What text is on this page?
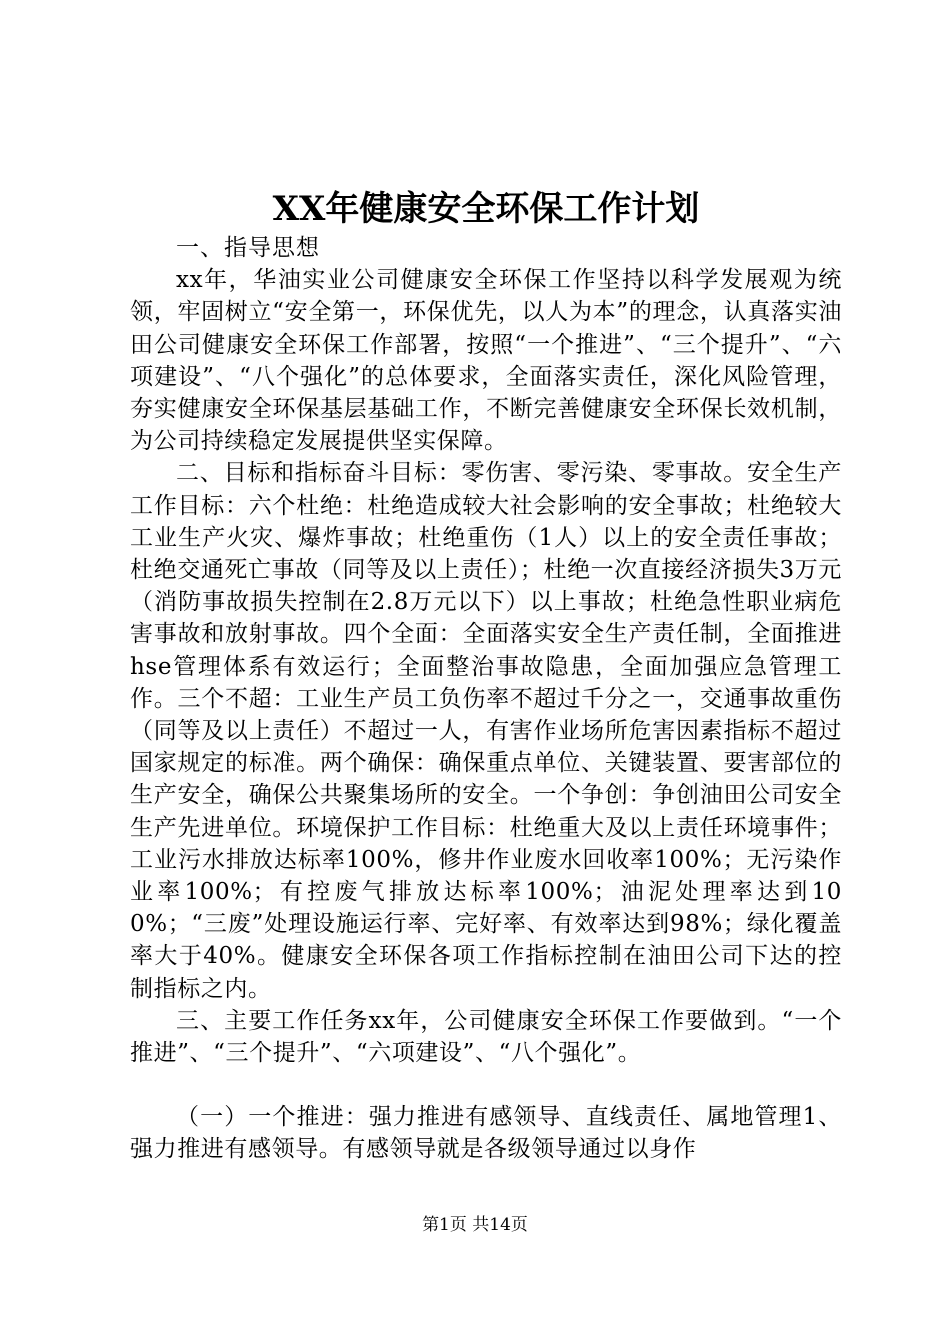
XX年健康安全环保工作计划

一、指导思想

xx年，华油实业公司健康安全环保工作坚持以科学发展观为统领，牢固树立“安全第一，环保优先，以人为本”的理念，认真落实油田公司健康安全环保工作部署，按照“一个推进”、“三个提升”、“六项建设”、“八个强化”的总体要求，全面落实责任，深化风险管理，夯实健康安全环保基层基础工作，不断完善健康安全环保长效机制，为公司持续稳定发展提供坚实保障。

二、目标和指标奋斗目标：零伤害、零污染、零事故。安全生产工作目标：六个杜绝：杜绝造成较大社会影响的安全事故；杜绝较大工业生产火灾、爆炸事故；杜绝重伤（1人）以上的安全责任事故；杜绝交通死亡事故（同等及以上责任）；杜绝一次直接经济损失3万元（消防事故损失控制在2.8万元以下）以上事故；杜绝急性职业病危害事故和放射事故。四个全面：全面落实安全生产责任制，全面推进hse管理体系有效运行；全面整治事故隐患，全面加强应急管理工作。三个不超：工业生产员工负伤率不超过千分之一，交通事故重伤（同等及以上责任）不超过一人，有害作业场所危害因素指标不超过国家规定的标准。两个确保：确保重点单位、关键装置、要害部位的生产安全，确保公共聚集场所的安全。一个争创：争创油田公司安全生产先进单位。环境保护工作目标：杜绝重大及以上责任环境事件；工业污水排放达标率100%，修井作业废水回收率100%；无污染作业率100%；有控废气排放达标率100%；油泥处理率达到100%；“三废”处理设施运行率、完好率、有效率达到98%；绿化覆盖率大于40%。健康安全环保各项工作指标控制在油田公司下达的控制指标之内。

三、主要工作任务xx年，公司健康安全环保工作要做到。“一个推进”、“三个提升”、“六项建设”、“八个强化”。

（一）一个推进：强力推进有感领导、直线责任、属地管理1、强力推进有感领导。有感领导就是各级领导通过以身作

第1页 共14页
